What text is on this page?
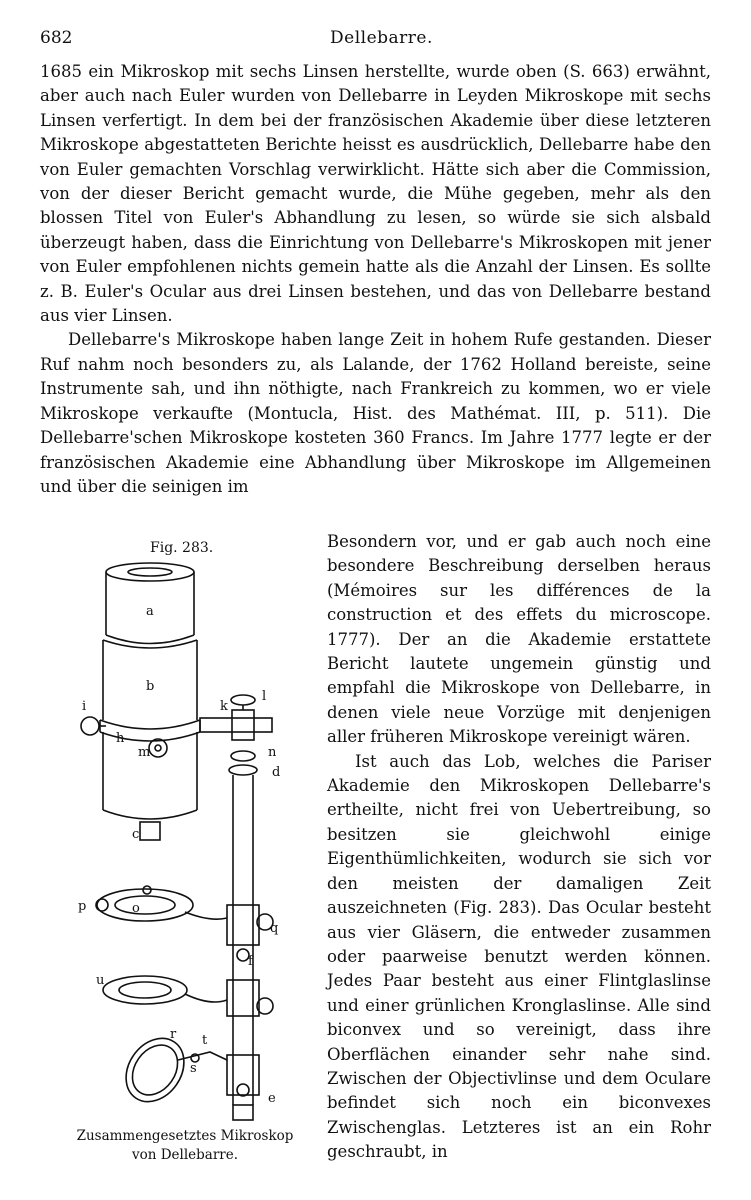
682	Dellebarre.

1685 ein Mikroskop mit sechs Linsen herstellte, wurde oben (S. 663) erwähnt, aber auch nach Euler wurden von Dellebarre in Leyden Mikroskope mit sechs Linsen verfertigt. In dem bei der französischen Akademie über diese letzteren Mikroskope abgestatteten Berichte heisst es ausdrücklich, Dellebarre habe den von Euler gemachten Vorschlag verwirklicht. Hätte sich aber die Commission, von der dieser Bericht gemacht wurde, die Mühe gegeben, mehr als den blossen Titel von Euler's Abhandlung zu lesen, so würde sie sich alsbald überzeugt haben, dass die Einrichtung von Dellebarre's Mikroskopen mit jener von Euler empfohlenen nichts gemein hatte als die Anzahl der Linsen. Es sollte z. B. Euler's Ocular aus drei Linsen bestehen, und das von Dellebarre bestand aus vier Linsen.

Dellebarre's Mikroskope haben lange Zeit in hohem Rufe gestanden. Dieser Ruf nahm noch besonders zu, als Lalande, der 1762 Holland bereiste, seine Instrumente sah, und ihn nöthigte, nach Frankreich zu kommen, wo er viele Mikroskope verkaufte (Montucla, Hist. des Mathémat. III, p. 511). Die Dellebarre'schen Mikroskope kosteten 360 Francs. Im Jahre 1777 legte er der französischen Akademie eine Abhandlung über Mikroskope im Allgemeinen und über die seinigen im

Fig. 283.
a
b
c
d
e
f
h
i	k
l
m	n
o
p
q
r
s
t
u
Zusammengesetztes Mikroskop
von Dellebarre.

Besondern vor, und er gab auch noch eine besondere Beschreibung derselben heraus (Mémoires sur les différences de la construction et des effets du microscope. 1777). Der an die Akademie erstattete Bericht lautete ungemein günstig und empfahl die Mikroskope von Dellebarre, in denen viele neue Vorzüge mit denjenigen aller früheren Mikroskope vereinigt wären.

Ist auch das Lob, welches die Pariser Akademie den Mikroskopen Dellebarre's ertheilte, nicht frei von Uebertreibung, so besitzen sie gleichwohl einige Eigenthümlichkeiten, wodurch sie sich vor den meisten der damaligen Zeit auszeichneten (Fig. 283). Das Ocular besteht aus vier Gläsern, die entweder zusammen oder paarweise benutzt werden können. Jedes Paar besteht aus einer Flintglaslinse und einer grünlichen Kronglaslinse. Alle sind biconvex und so vereinigt, dass ihre Oberflächen einander sehr nahe sind. Zwischen der Objectivlinse und dem Oculare befindet sich noch ein biconvexes Zwischenglas. Letzteres ist an ein Rohr geschraubt, in
